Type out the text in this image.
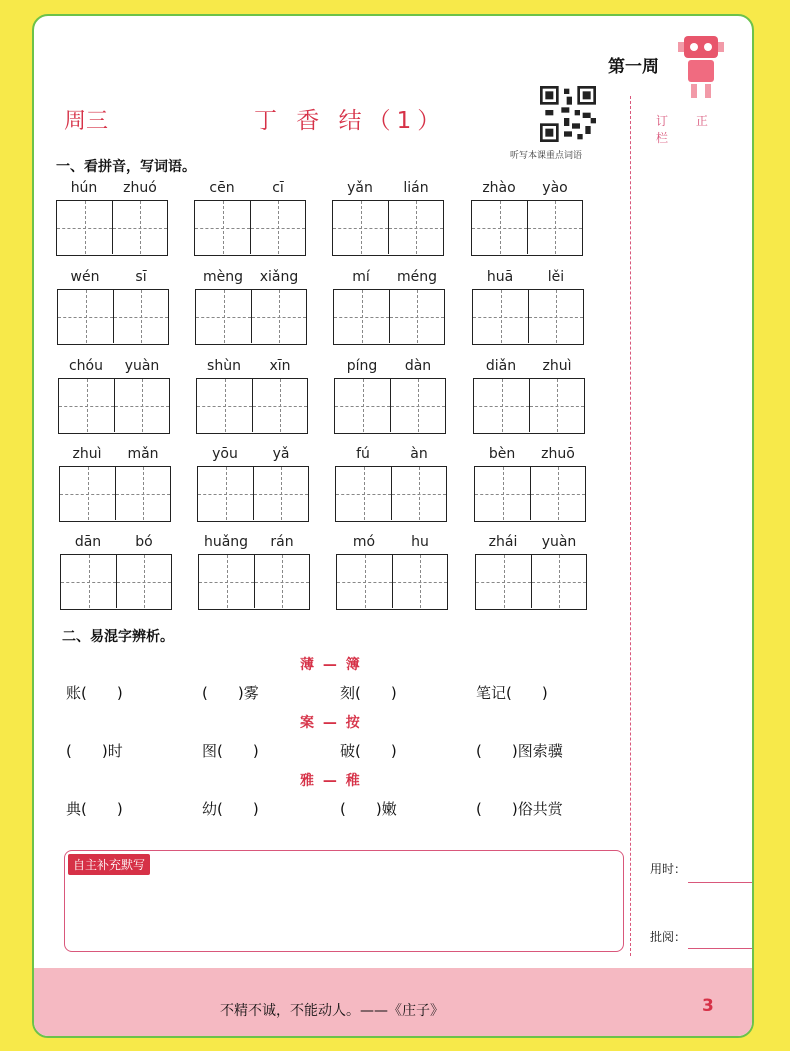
第一周
订 正 栏
周三	丁 香 结（1）
听写本课重点词语
一、看拼音，写词语。
hún	zhuó	cēn	cī	yǎn	lián	zhào	yào
wén	sī	mèng	xiǎng	mí	méng	huā	lěi
chóu	yuàn	shùn	xīn	píng	dàn	diǎn	zhuì
zhuì	mǎn	yōu	yǎ	fú	àn	bèn	zhuō
dān	bó	huǎng	rán	mó	hu	zhái	yuàn
二、易混字辨析。
薄 — 簿
账(　　)	(　　)雾	刻(　　)	笔记(　　)
案 — 按
(　　)时	图(　　)	破(　　)	(　　)图索骥
雅 — 稚
典(　　)	幼(　　)	(　　)嫩	(　　)俗共赏
自主补充默写	用时：
批阅：
不精不诚，不能动人。——《庄子》	3
